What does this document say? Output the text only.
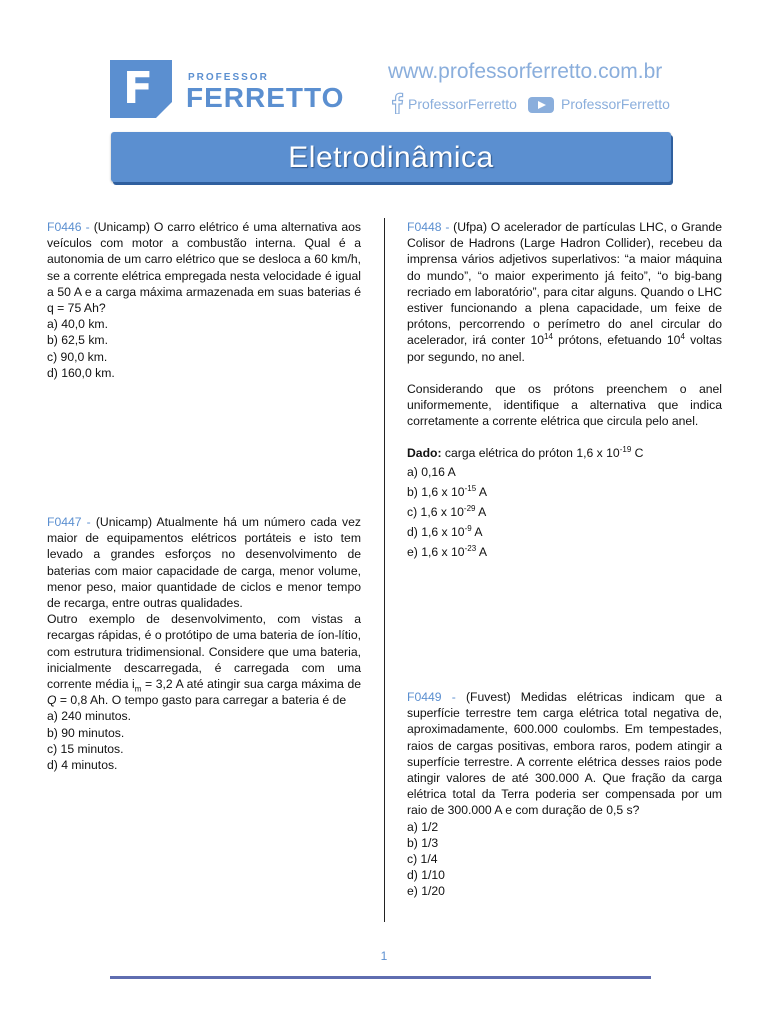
F	PROFESSOR
FERRETTO
www.professorferretto.com.br
ProfessorFerretto	ProfessorFerretto
Eletrodinâmica

F0446 - (Unicamp) O carro elétrico é uma alternativa aos veículos com motor a combustão interna. Qual é a autonomia de um carro elétrico que se desloca a 60 km/h, se a corrente elétrica empregada nesta velocidade é igual a 50 A e a carga máxima armazenada em suas baterias é q = 75 Ah?

a) 40,0 km.

b) 62,5 km.

c) 90,0 km.

d) 160,0 km.

F0447 - (Unicamp) Atualmente há um número cada vez maior de equipamentos elétricos portáteis e isto tem levado a grandes esforços no desenvolvimento de baterias com maior capacidade de carga, menor volume, menor peso, maior quantidade de ciclos e menor tempo de recarga, entre outras qualidades.

Outro exemplo de desenvolvimento, com vistas a recargas rápidas, é o protótipo de uma bateria de íon-lítio, com estrutura tridimensional. Considere que uma bateria, inicialmente descarregada, é carregada com uma corrente média $i_m = 3,2$ A até atingir sua carga máxima de Q = 0,8 Ah. O tempo gasto para carregar a bateria é de

a) 240 minutos.

b) 90 minutos.

c) 15 minutos.

d) 4 minutos.

F0448 - (Ufpa) O acelerador de partículas LHC, o Grande Colisor de Hadrons (Large Hadron Collider), recebeu da imprensa vários adjetivos superlativos: “a maior máquina do mundo”, “o maior experimento já feito”, “o big-bang recriado em laboratório”, para citar alguns. Quando o LHC estiver funcionando a plena capacidade, um feixe de prótons, percorrendo o perímetro do anel circular do acelerador, irá conter $10^{14}$ prótons, efetuando $10^4$ voltas por segundo, no anel.

Considerando que os prótons preenchem o anel uniformemente, identifique a alternativa que indica corretamente a corrente elétrica que circula pelo anel.

Dado: carga elétrica do próton 1,6 x $10^{-19}$ C

a) 0,16 A

b) 1,6 x $10^{-15}$ A

c) 1,6 x $10^{-29}$ A

d) 1,6 x $10^{-9}$ A

e) 1,6 x $10^{-23}$ A

F0449 - (Fuvest) Medidas elétricas indicam que a superfície terrestre tem carga elétrica total negativa de, aproximadamente, 600.000 coulombs. Em tempestades, raios de cargas positivas, embora raros, podem atingir a superfície terrestre. A corrente elétrica desses raios pode atingir valores de até 300.000 A. Que fração da carga elétrica total da Terra poderia ser compensada por um raio de 300.000 A e com duração de 0,5 s?

a) 1/2

b) 1/3

c) 1/4

d) 1/10

e) 1/20

1
